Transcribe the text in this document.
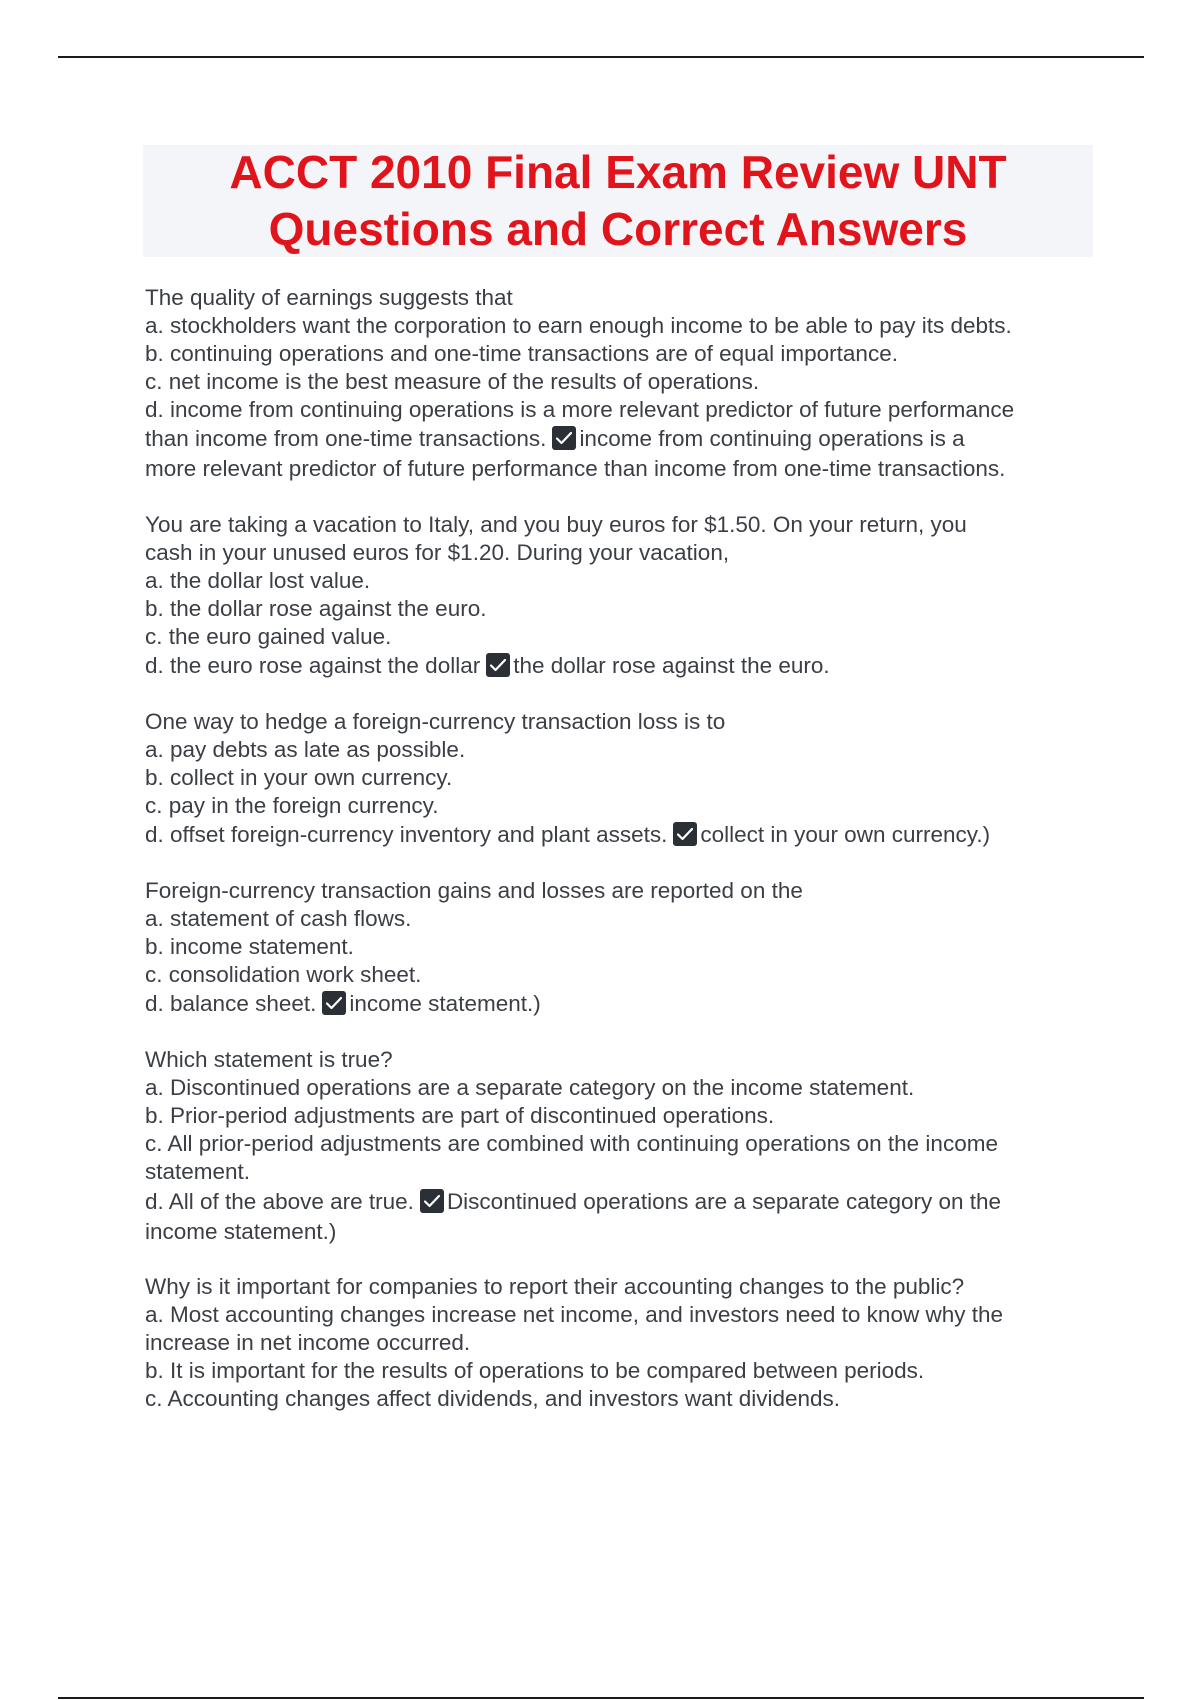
ACCT 2010 Final Exam Review UNT
Questions and Correct Answers
The quality of earnings suggests that
a. stockholders want the corporation to earn enough income to be able to pay its debts.
b. continuing operations and one-time transactions are of equal importance.
c. net income is the best measure of the results of operations.
d. income from continuing operations is a more relevant predictor of future performance
than income from one-time transactions. income from continuing operations is a
more relevant predictor of future performance than income from one-time transactions.
You are taking a vacation to Italy, and you buy euros for $1.50. On your return, you
cash in your unused euros for $1.20. During your vacation,
a. the dollar lost value.
b. the dollar rose against the euro.
c. the euro gained value.
d. the euro rose against the dollar the dollar rose against the euro.
One way to hedge a foreign-currency transaction loss is to
a. pay debts as late as possible.
b. collect in your own currency.
c. pay in the foreign currency.
d. offset foreign-currency inventory and plant assets. collect in your own currency.)
Foreign-currency transaction gains and losses are reported on the
a. statement of cash flows.
b. income statement.
c. consolidation work sheet.
d. balance sheet. income statement.)
Which statement is true?
a. Discontinued operations are a separate category on the income statement.
b. Prior-period adjustments are part of discontinued operations.
c. All prior-period adjustments are combined with continuing operations on the income
statement.
d. All of the above are true. Discontinued operations are a separate category on the
income statement.)
Why is it important for companies to report their accounting changes to the public?
a. Most accounting changes increase net income, and investors need to know why the
increase in net income occurred.
b. It is important for the results of operations to be compared between periods.
c. Accounting changes affect dividends, and investors want dividends.
